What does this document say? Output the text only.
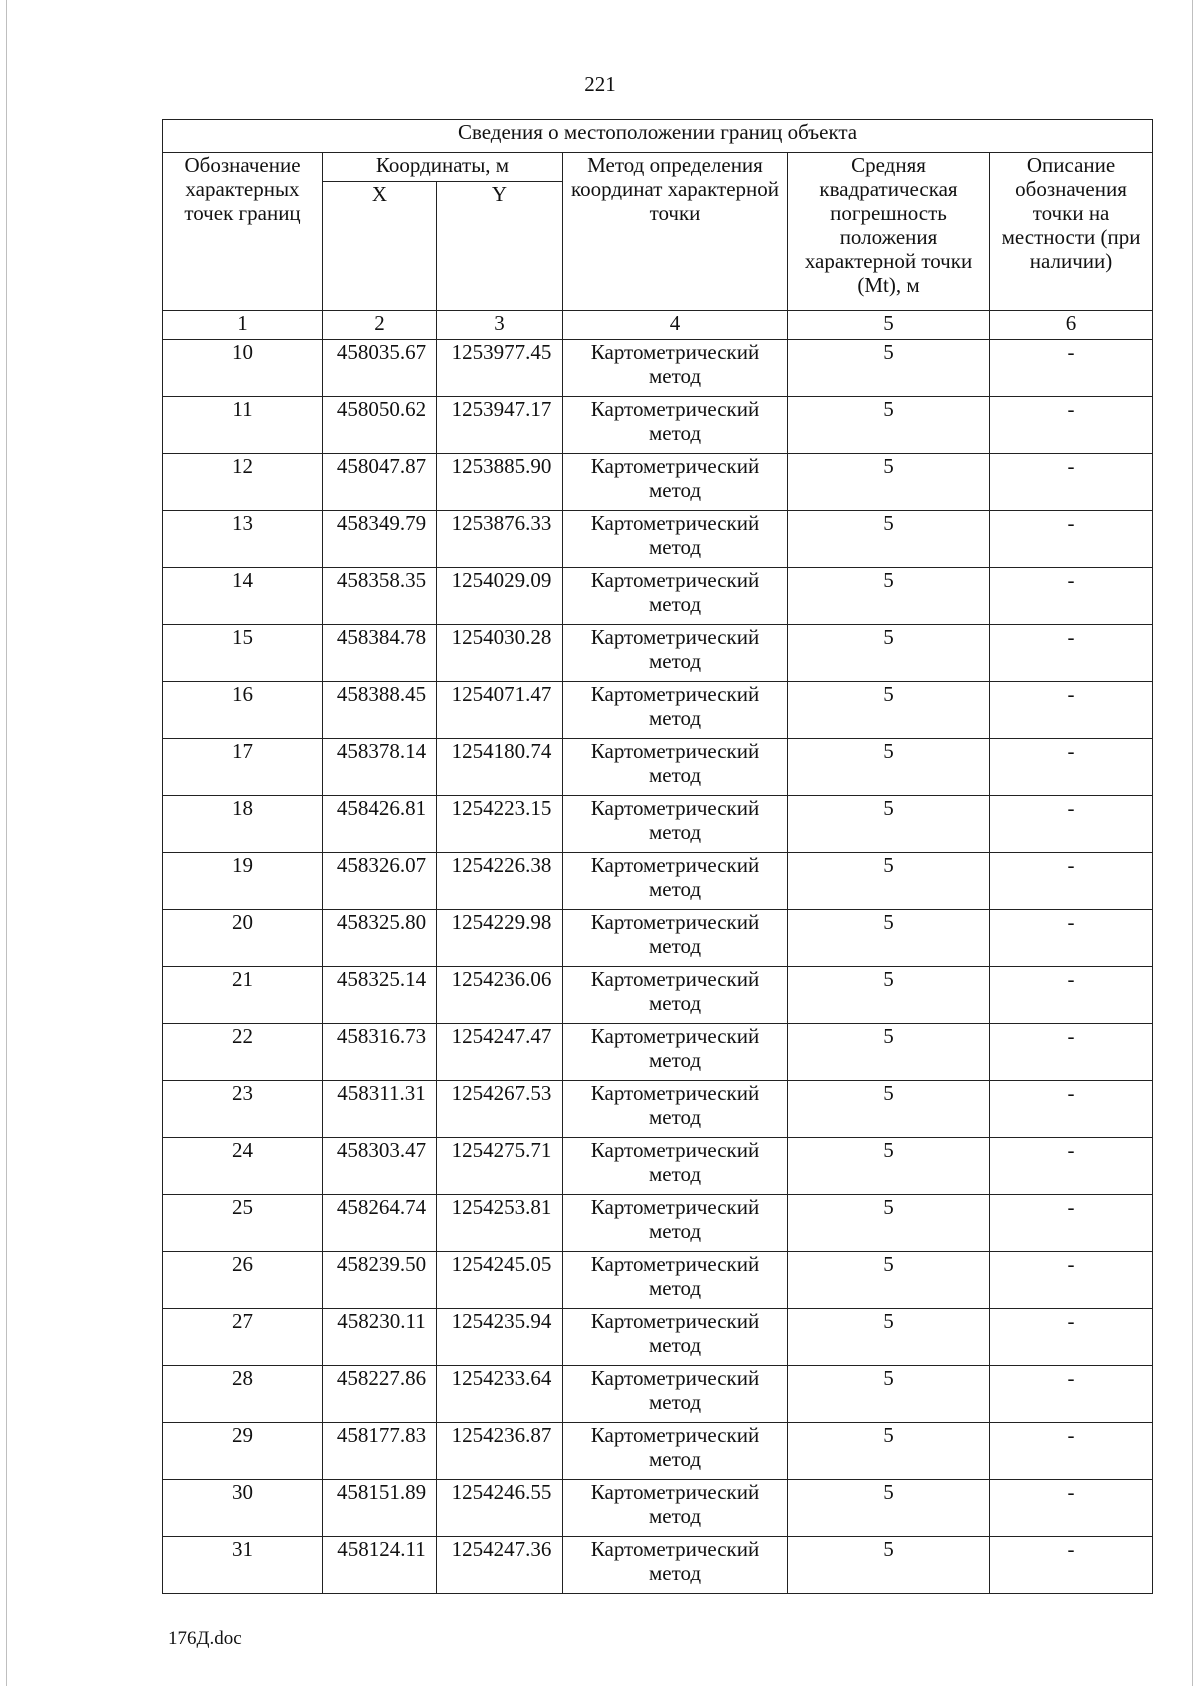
221
Сведения о местоположении границ объекта					
Обозначение характерных точек границ	Координаты, м		Метод определения координат характерной точки	Средняя квадратическая погрешность положения характерной точки (Mt), м	Описание обозначения точки на местности (при наличии)
	X	Y			
1	2	3	4	5	6
10	458035.67	1253977.45	Картометрический метод	5	-
11	458050.62	1253947.17	Картометрический метод	5	-
12	458047.87	1253885.90	Картометрический метод	5	-
13	458349.79	1253876.33	Картометрический метод	5	-
14	458358.35	1254029.09	Картометрический метод	5	-
15	458384.78	1254030.28	Картометрический метод	5	-
16	458388.45	1254071.47	Картометрический метод	5	-
17	458378.14	1254180.74	Картометрический метод	5	-
18	458426.81	1254223.15	Картометрический метод	5	-
19	458326.07	1254226.38	Картометрический метод	5	-
20	458325.80	1254229.98	Картометрический метод	5	-
21	458325.14	1254236.06	Картометрический метод	5	-
22	458316.73	1254247.47	Картометрический метод	5	-
23	458311.31	1254267.53	Картометрический метод	5	-
24	458303.47	1254275.71	Картометрический метод	5	-
25	458264.74	1254253.81	Картометрический метод	5	-
26	458239.50	1254245.05	Картометрический метод	5	-
27	458230.11	1254235.94	Картометрический метод	5	-
28	458227.86	1254233.64	Картометрический метод	5	-
29	458177.83	1254236.87	Картометрический метод	5	-
30	458151.89	1254246.55	Картометрический метод	5	-
31	458124.11	1254247.36	Картометрический метод	5	-
176Д.doc
